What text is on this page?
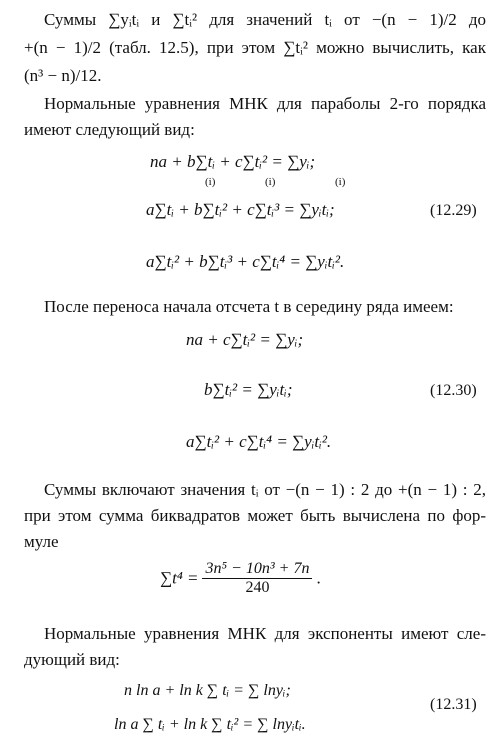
Суммы ∑yᵢtᵢ и ∑tᵢ² для значений tᵢ от −(n − 1)/2 до
+(n − 1)/2 (табл. 12.5), при этом ∑tᵢ² можно вычислить, как
(n³ − n)/12.
Нормальные уравнения МНК для параболы 2-го порядка
имеют следующий вид:
na + b∑tᵢ + c∑tᵢ² = ∑yᵢ;
a∑tᵢ + b∑tᵢ² + c∑tᵢ³ = ∑yᵢtᵢ;	(12.29)
a∑tᵢ² + b∑tᵢ³ + c∑tᵢ⁴ = ∑yᵢtᵢ².
(i)	(i)	(i)
После переноса начала отсчета t в середину ряда имеем:
na + c∑tᵢ² = ∑yᵢ;
b∑tᵢ² = ∑yᵢtᵢ;	(12.30)
a∑tᵢ² + c∑tᵢ⁴ = ∑yᵢtᵢ².
Суммы включают значения tᵢ от −(n − 1) : 2 до +(n − 1) : 2,
при этом сумма биквадратов может быть вычислена по фор-
муле
$\sum t^4 = \frac{\text{3n⁵ − 10n³ + 7n}}{240}$ .
Нормальные уравнения МНК для экспоненты имеют сле-
дующий вид:
n ln a + ln k ∑ tᵢ = ∑ lnyᵢ;
(12.31)
ln a ∑ tᵢ + ln k ∑ tᵢ² = ∑ lnyᵢtᵢ.
